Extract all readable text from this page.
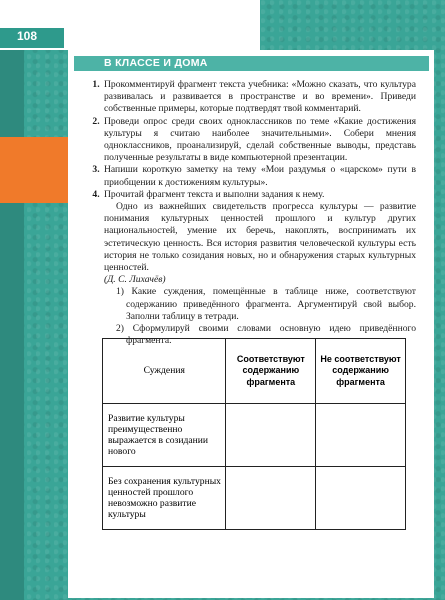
108
В КЛАССЕ И ДОМА
1. Прокомментируй фрагмент текста учебника: «Можно сказать, что культура развивалась и развивается в пространстве и во времени». Приведи собственные примеры, которые подтвердят твой комментарий.
2. Проведи опрос среди своих одноклассников по теме «Какие достижения культуры я считаю наиболее значительными». Собери мнения одноклассников, проанализируй, сделай собственные выводы, представь полученные результаты в виде компьютерной презентации.
3. Напиши короткую заметку на тему «Мои раздумья о «царском» пути в приобщении к достижениям культуры».
4. Прочитай фрагмент текста и выполни задания к нему.
Одно из важнейших свидетельств прогресса культуры — развитие понимания культурных ценностей прошлого и культур других национальностей, умение их беречь, накоплять, воспринимать их эстетическую ценность. Вся история развития человеческой культуры есть история не только созидания новых, но и обнаружения старых культурных ценностей.
(Д. С. Лихачёв)
1) Какие суждения, помещённые в таблице ниже, соответствуют содержанию приведённого фрагмента. Аргументируй свой выбор. Заполни таблицу в тетради.
2) Сформулируй своими словами основную идею приведённого фрагмента.
Суждения	Соответствуют содержанию фрагмента	Не соответствуют содержанию фрагмента
Развитие культуры преимущественно выражается в созидании нового		
Без сохранения культурных ценностей прошлого невозможно развитие культуры		
